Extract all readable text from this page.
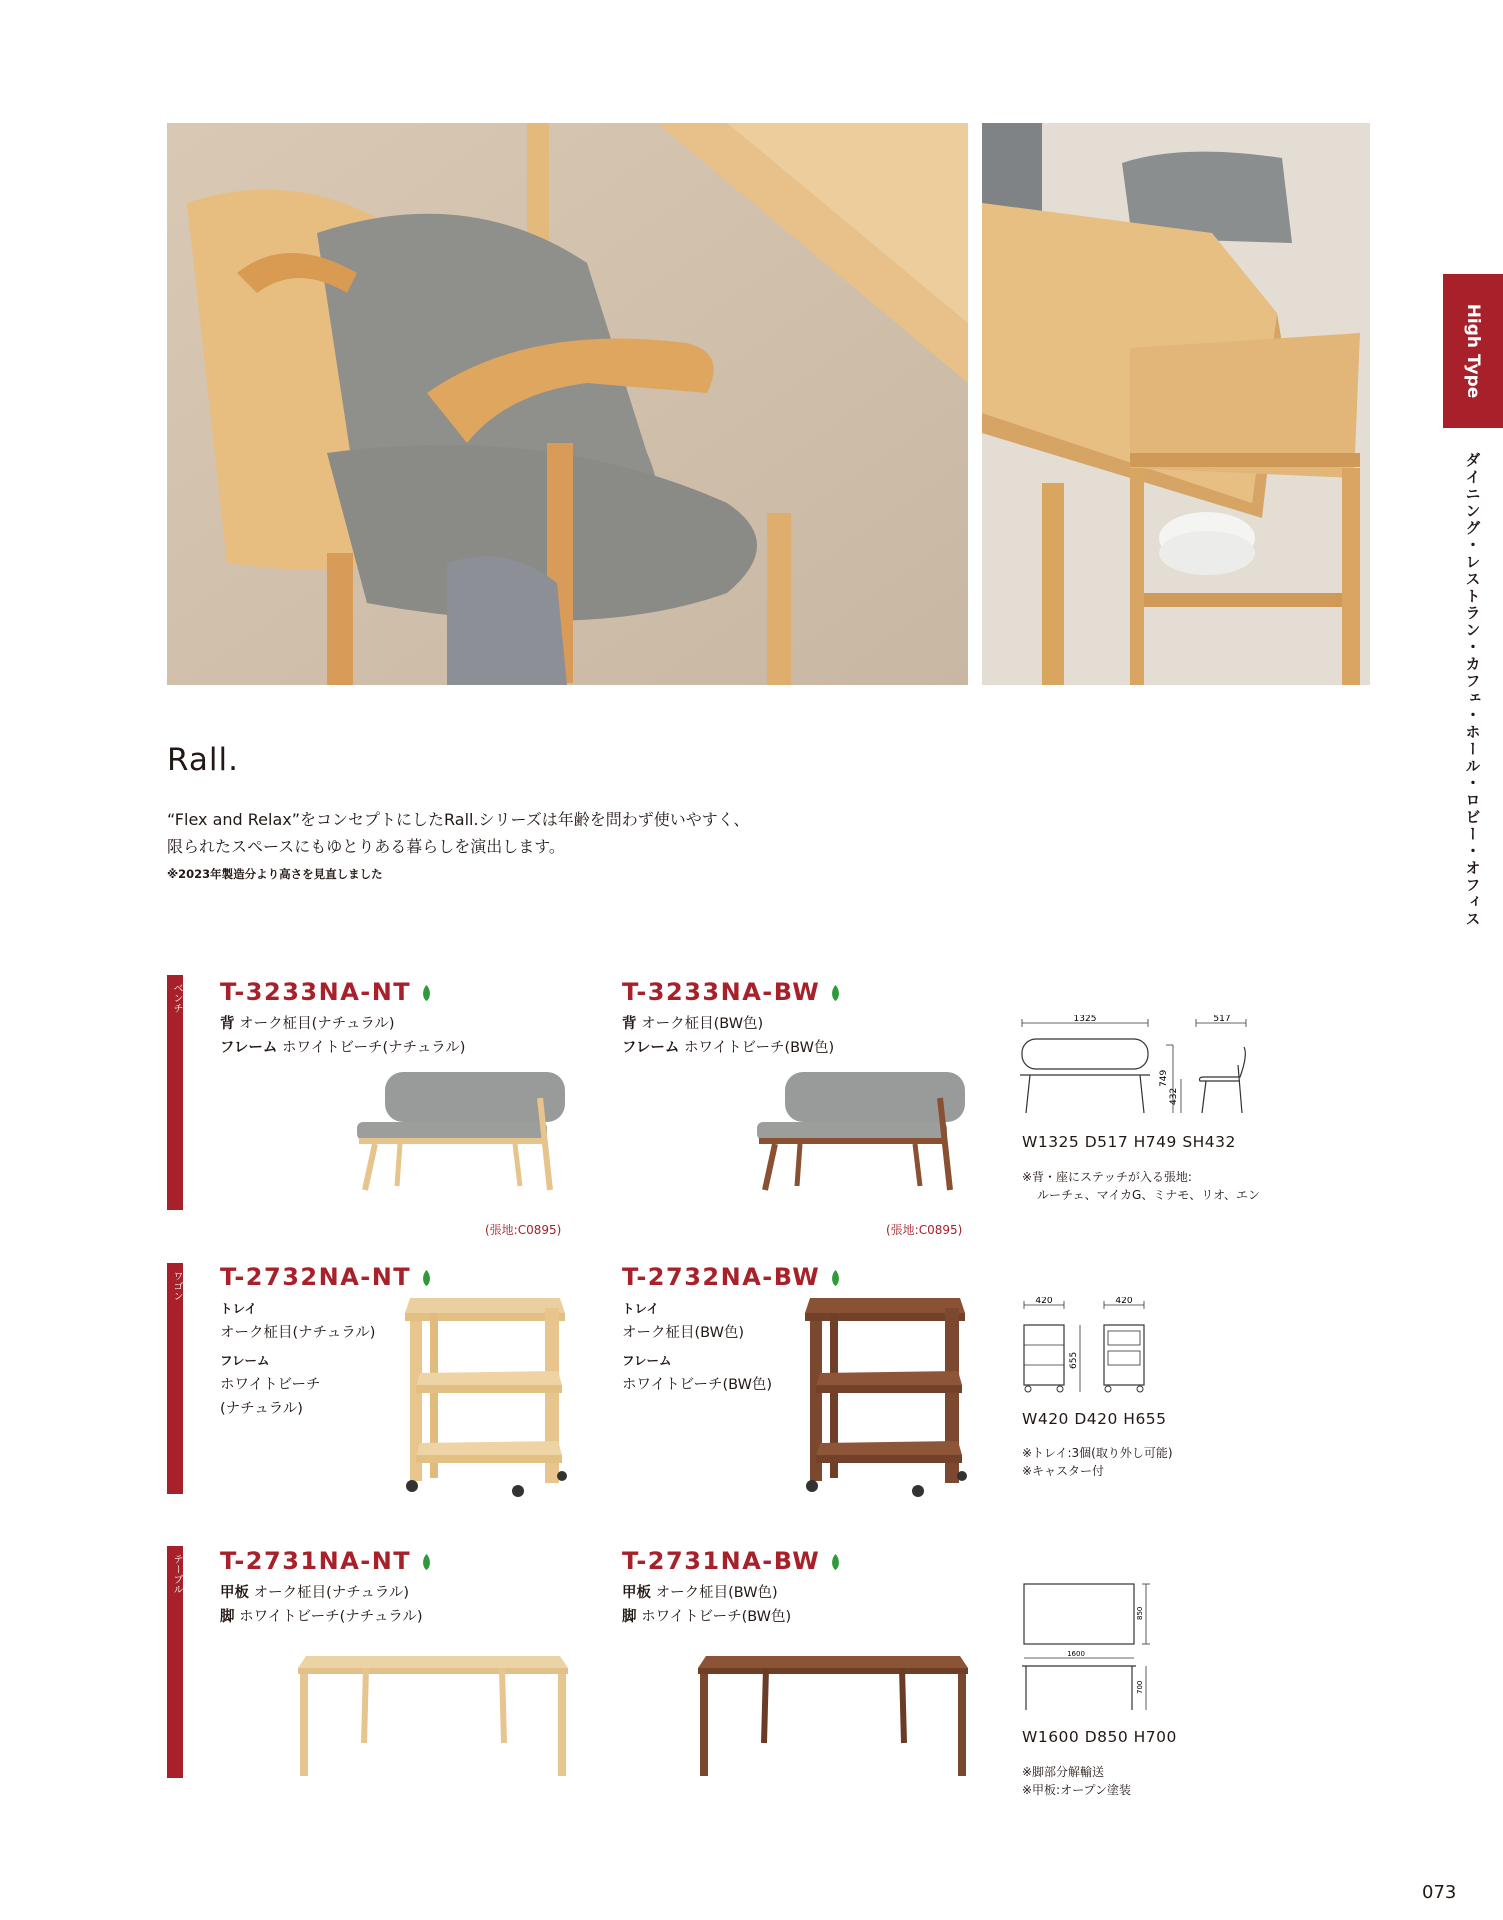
High Type
ダイニング・レストラン・カフェ・ホール・ロビー・オフィス
Rall.
“Flex and Relax”をコンセプトにしたRall.シリーズは年齢を問わず使いやすく、
限られたスペースにもゆとりある暮らしを演出します。
※2023年製造分より高さを見直しました
ベンチ T-3233NA-NT
背 オーク柾目(ナチュラル)
フレーム ホワイトビーチ(ナチュラル)
(張地:C0895)
T-3233NA-BW
背 オーク柾目(BW色)
フレーム ホワイトビーチ(BW色)
(張地:C0895)
1325
749
432
517
W1325 D517 H749 SH432
※背・座にステッチが入る張地:
ルーチェ、マイカG、ミナモ、リオ、エン
ワゴン T-2732NA-NT
トレイ
オーク柾目(ナチュラル)
フレーム
ホワイトビーチ
(ナチュラル)
T-2732NA-BW
トレイ
オーク柾目(BW色)
フレーム
ホワイトビーチ(BW色)
420
655
420
W420 D420 H655
※トレイ:3個(取り外し可能)
※キャスター付
テーブル T-2731NA-NT
甲板 オーク柾目(ナチュラル)
脚 ホワイトビーチ(ナチュラル)
T-2731NA-BW
甲板 オーク柾目(BW色)
脚 ホワイトビーチ(BW色)	850
1600
700
W1600 D850 H700
※脚部分解輸送
※甲板:オープン塗装
073
